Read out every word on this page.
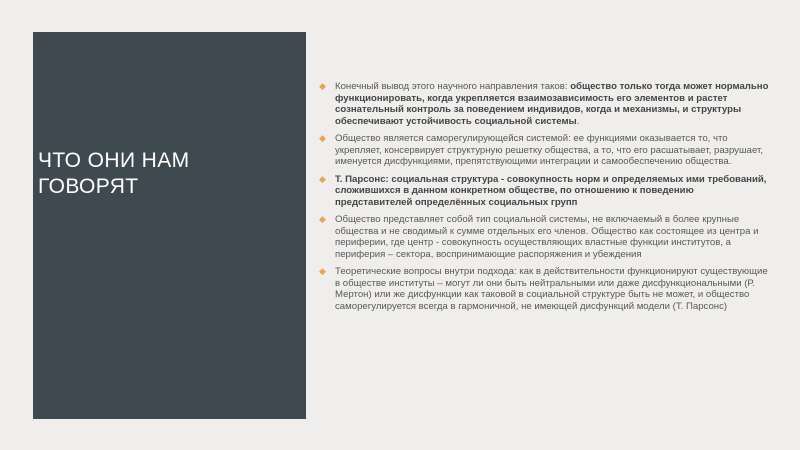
ЧТО ОНИ НАМ ГОВОРЯТ
◆ Конечный вывод этого научного направления таков: общество только тогда может нормально функционировать, когда укрепляется взаимозависимость его элементов и растет сознательный контроль за поведением индивидов, когда и механизмы, и структуры обеспечивают устойчивость социальной системы.
◆ Общество является саморегулирующейся системой: ее функциями оказывается то, что укрепляет, консервирует структурную решетку общества, а то, что его расшатывает, разрушает, именуется дисфункциями, препятствующими интеграции и самообеспечению общества.
◆ Т. Парсонс: социальная структура - совокупность норм и определяемых ими требований, сложившихся в данном конкретном обществе, по отношению к поведению представителей определённых социальных групп
◆ Общество представляет собой тип социальной системы, не включаемый в более крупные общества и не сводимый к сумме отдельных его членов. Общество как состоящее из центра и периферии, где центр - совокупность осуществляющих властные функции институтов, а периферия – сектора, воспринимающие распоряжения и убеждения
◆ Теоретические вопросы внутри подхода: как в действительности функционируют существующие в обществе институты – могут ли они быть нейтральными или даже дисфункциональными (Р. Мертон) или же дисфункции как таковой в социальной структуре быть не может, и общество саморегулируется всегда в гармоничной, не имеющей дисфункций модели (Т. Парсонс)
